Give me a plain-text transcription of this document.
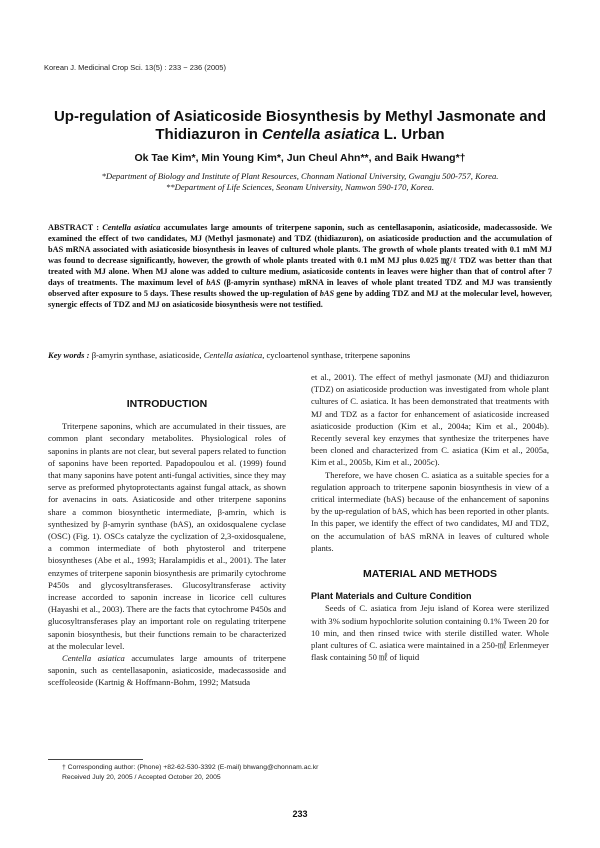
Korean J. Medicinal Crop Sci. 13(5) : 233 − 236 (2005)
Up-regulation of Asiaticoside Biosynthesis by Methyl Jasmonate and
Thidiazuron in Centella asiatica L. Urban
Ok Tae Kim*, Min Young Kim*, Jun Cheul Ahn**, and Baik Hwang*†
*Department of Biology and Institute of Plant Resources, Chonnam National University, Gwangju 500-757, Korea.
**Department of Life Sciences, Seonam University, Namwon 590-170, Korea.
ABSTRACT : Centella asiatica accumulates large amounts of triterpene saponin, such as centellasaponin, asiaticoside, madecassoside. We examined the effect of two candidates, MJ (Methyl jasmonate) and TDZ (thidiazuron), on asiaticoside production and the accumulation of bAS mRNA associated with asiaticoside biosynthesis in leaves of cultured whole plants. The growth of whole plants treated with 0.1 mM MJ was found to decrease significantly, however, the growth of whole plants treated with 0.1 mM MJ plus 0.025 ㎎/ℓ TDZ was better than that treated with MJ alone. When MJ alone was added to culture medium, asiaticoside contents in leaves were higher than that of control after 7 days of treatments. The maximum level of bAS (β-amyrin synthase) mRNA in leaves of whole plant treated TDZ and MJ was transiently observed after exposure to 5 days. These results showed the up-regulation of bAS gene by adding TDZ and MJ at the molecular level, however, synergic effects of TDZ and MJ on asiaticoside biosynthesis were not testified.
Key words : β-amyrin synthase, asiaticoside, Centella asiatica, cycloartenol synthase, triterpene saponins
INTRODUCTION

Triterpene saponins, which are accumulated in their tissues, are common plant secondary metabolites. Physiological roles of saponins in plants are not clear, but several papers related to function of saponins have been reported. Papadopoulou et al. (1999) found that many saponins have potent anti-fungal activities, since they may serve as preformed phytoprotectants against fungal attack, as shown for avenacins in oats. Asiaticoside and other triterpene saponins share a common biosynthetic intermediate, β-amrin, which is synthesized by β-amyrin synthase (bAS), an oxidosqualene cyclase (OSC) (Fig. 1). OSCs catalyze the cyclization of 2,3-oxidosqualene, a common intermediate of both phytosterol and triterpene biosyntheses (Abe et al., 1993; Haralampidis et al., 2001). The later enzymes of triterpene saponin biosynthesis are primarily cytochrome P450s and glycosyltransferases. Glucosyltransferase activity increase accorded to saponin increase in licorice cell cultures (Hayashi et al., 2003). There are the facts that cytochrome P450s and glucosyltransferases play an important role on regulating triterpene saponin biosynthesis, but their functions remain to be characterized at the molecular level.

Centella asiatica accumulates large amounts of triterpene saponin, such as centellasaponin, asiaticoside, madecassoside and sceffoleoside (Kartnig & Hoffmann-Bohm, 1992; Matsuda

et al., 2001). The effect of methyl jasmonate (MJ) and thidiazuron (TDZ) on asiaticoside production was investigated from whole plant cultures of C. asiatica. It has been demonstrated that treatments with MJ and TDZ as a factor for enhancement of asiaticoside increased asiaticoside production (Kim et al., 2004a; Kim et al., 2004b). Recently several key enzymes that synthesize the triterpenes have been cloned and characterized from C. asiatica (Kim et al., 2005a, Kim et al., 2005b, Kim et al., 2005c).

Therefore, we have chosen C. asiatica as a suitable species for a regulation approach to triterpene saponin biosynthesis in view of a critical intermediate (bAS) because of the enhancement of saponins by the up-regulation of bAS, which has been reported in other plants. In this paper, we identify the effect of two candidates, MJ and TDZ, on the accumulation of bAS mRNA in leaves of cultured whole plants.

MATERIAL AND METHODS
Plant Materials and Culture Condition

Seeds of C. asiatica from Jeju island of Korea were sterilized with 3% sodium hypochlorite solution containing 0.1% Tween 20 for 10 min, and then rinsed twice with sterile distilled water. Whole plant cultures of C. asiatica were maintained in a 250-㎖ Erlenmeyer flask containing 50 ㎖ of liquid

† Corresponding author: (Phone) +82-62-530-3392 (E-mail) bhwang@chonnam.ac.kr
Received July 20, 2005 / Accepted October 20, 2005
233
